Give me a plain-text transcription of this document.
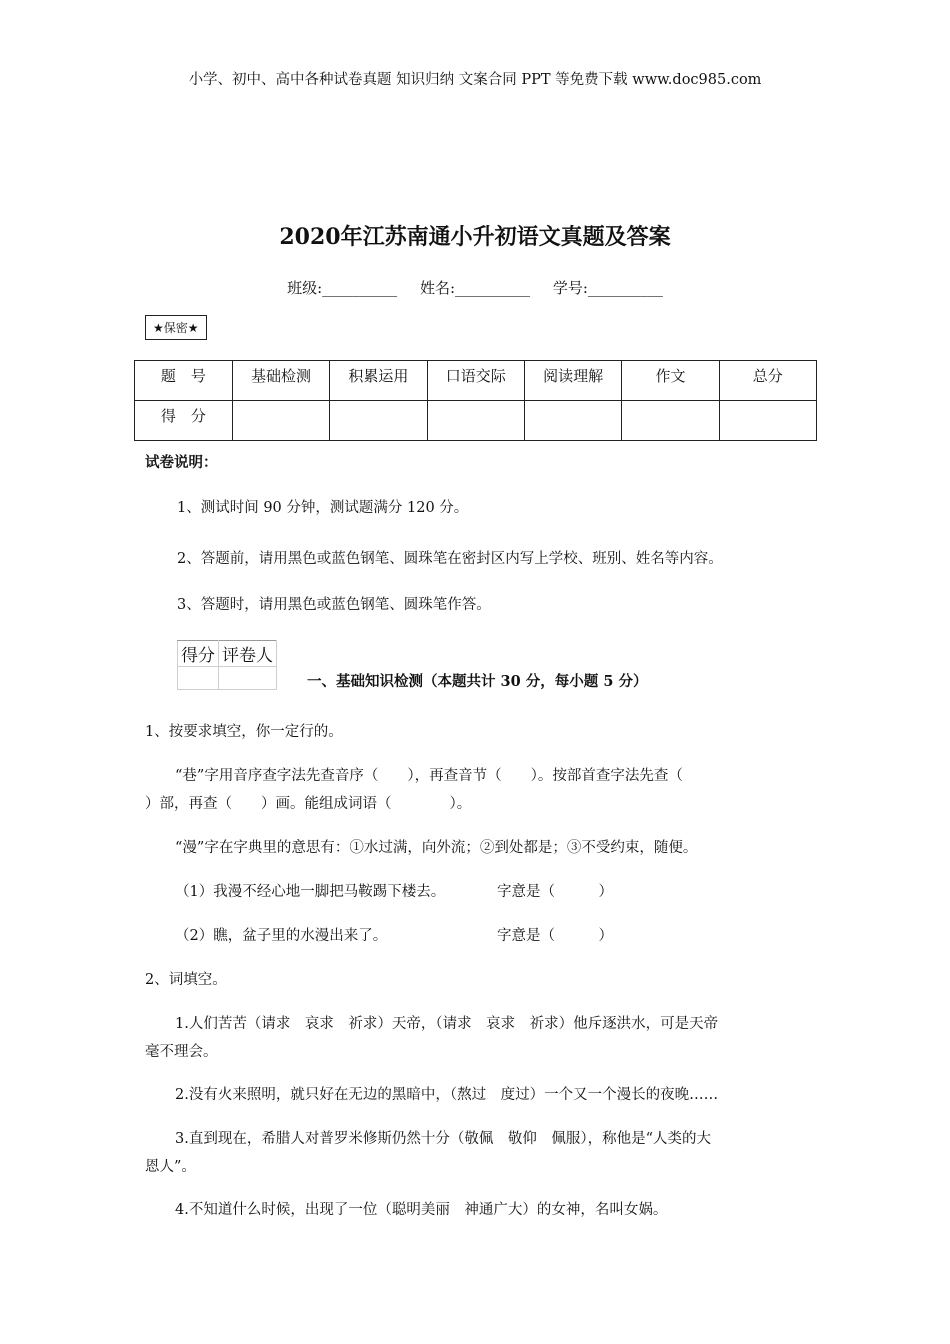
小学、初中、高中各种试卷真题 知识归纳 文案合同 PPT 等免费下载 www.doc985.com
2020年江苏南通小升初语文真题及答案
班级:__________ 姓名:__________ 学号:__________
★保密★
题　号	基础检测	积累运用	口语交际	阅读理解	作文	总分
得　分						
试卷说明：
1、测试时间 90 分钟，测试题满分 120 分。
2、答题前，请用黑色或蓝色钢笔、圆珠笔在密封区内写上学校、班别、姓名等内容。
3、答题时，请用黑色或蓝色钢笔、圆珠笔作答。
得分	评卷人

一、基础知识检测（本题共计 30 分，每小题 5 分）
1、按要求填空，你一定行的。
“巷”字用音序查字法先查音序（　　），再查音节（　　）。按部首查字法先查（
）部，再查（　　）画。能组成词语（　　　　）。
“漫”字在字典里的意思有：①水过满，向外流；②到处都是；③不受约束，随便。
（1）我漫不经心地一脚把马鞍踢下楼去。	字意是（　　　）
（2）瞧，盆子里的水漫出来了。	字意是（　　　）
2、词填空。
1.人们苦苦（请求　哀求　祈求）天帝，（请求　哀求　祈求）他斥逐洪水，可是天帝
毫不理会。
2.没有火来照明，就只好在无边的黑暗中，（熬过　度过）一个又一个漫长的夜晚……
3.直到现在，希腊人对普罗米修斯仍然十分（敬佩　敬仰　佩服），称他是“人类的大
恩人”。
4.不知道什么时候，出现了一位（聪明美丽　神通广大）的女神，名叫女娲。
